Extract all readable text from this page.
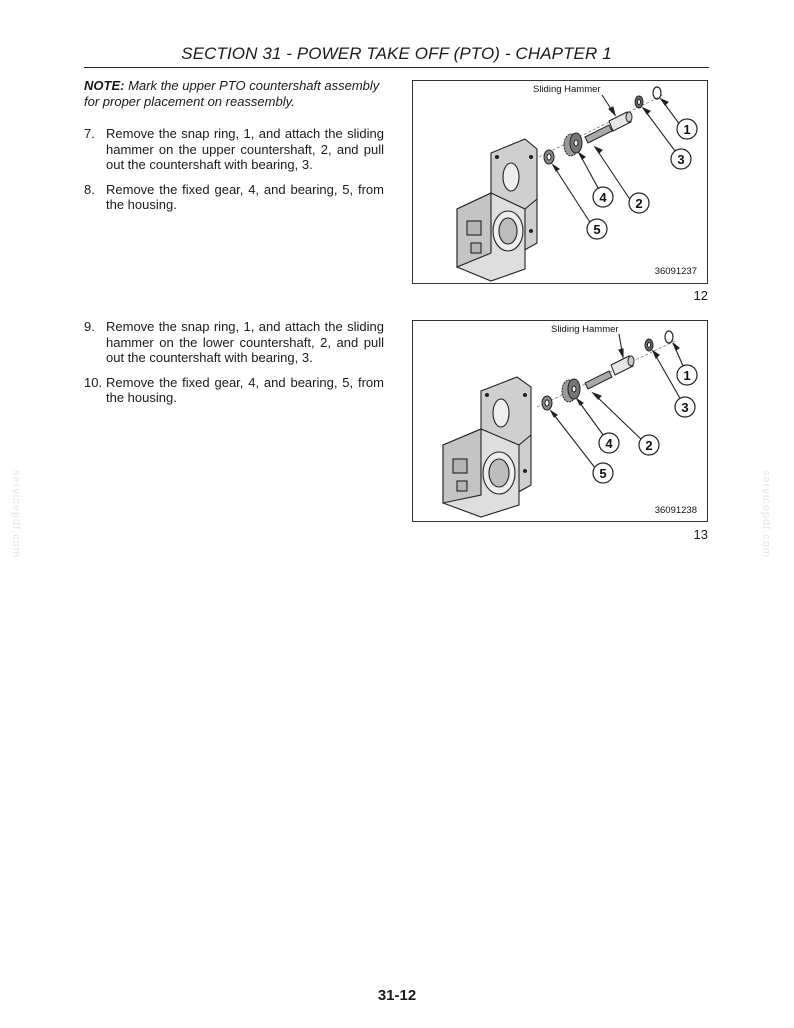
SECTION 31 - POWER TAKE OFF (PTO) - CHAPTER 1
servicepdf.com	servicepdf.com
NOTE: Mark the upper PTO countershaft assembly for proper placement on reassembly.
7. Remove the snap ring, 1, and attach the sliding hammer on the upper countershaft, 2, and pull out the countershaft with bearing, 3.
8. Remove the fixed gear, 4, and bearing, 5, from the housing.
1
3
4 2
5
Sliding Hammer
36091237
12
9. Remove the snap ring, 1, and attach the sliding hammer on the lower countershaft, 2, and pull out the countershaft with bearing, 3.
10. Remove the fixed gear, 4, and bearing, 5, from the housing.
1
3
4	2
5
Sliding Hammer
36091238
13
31-12
